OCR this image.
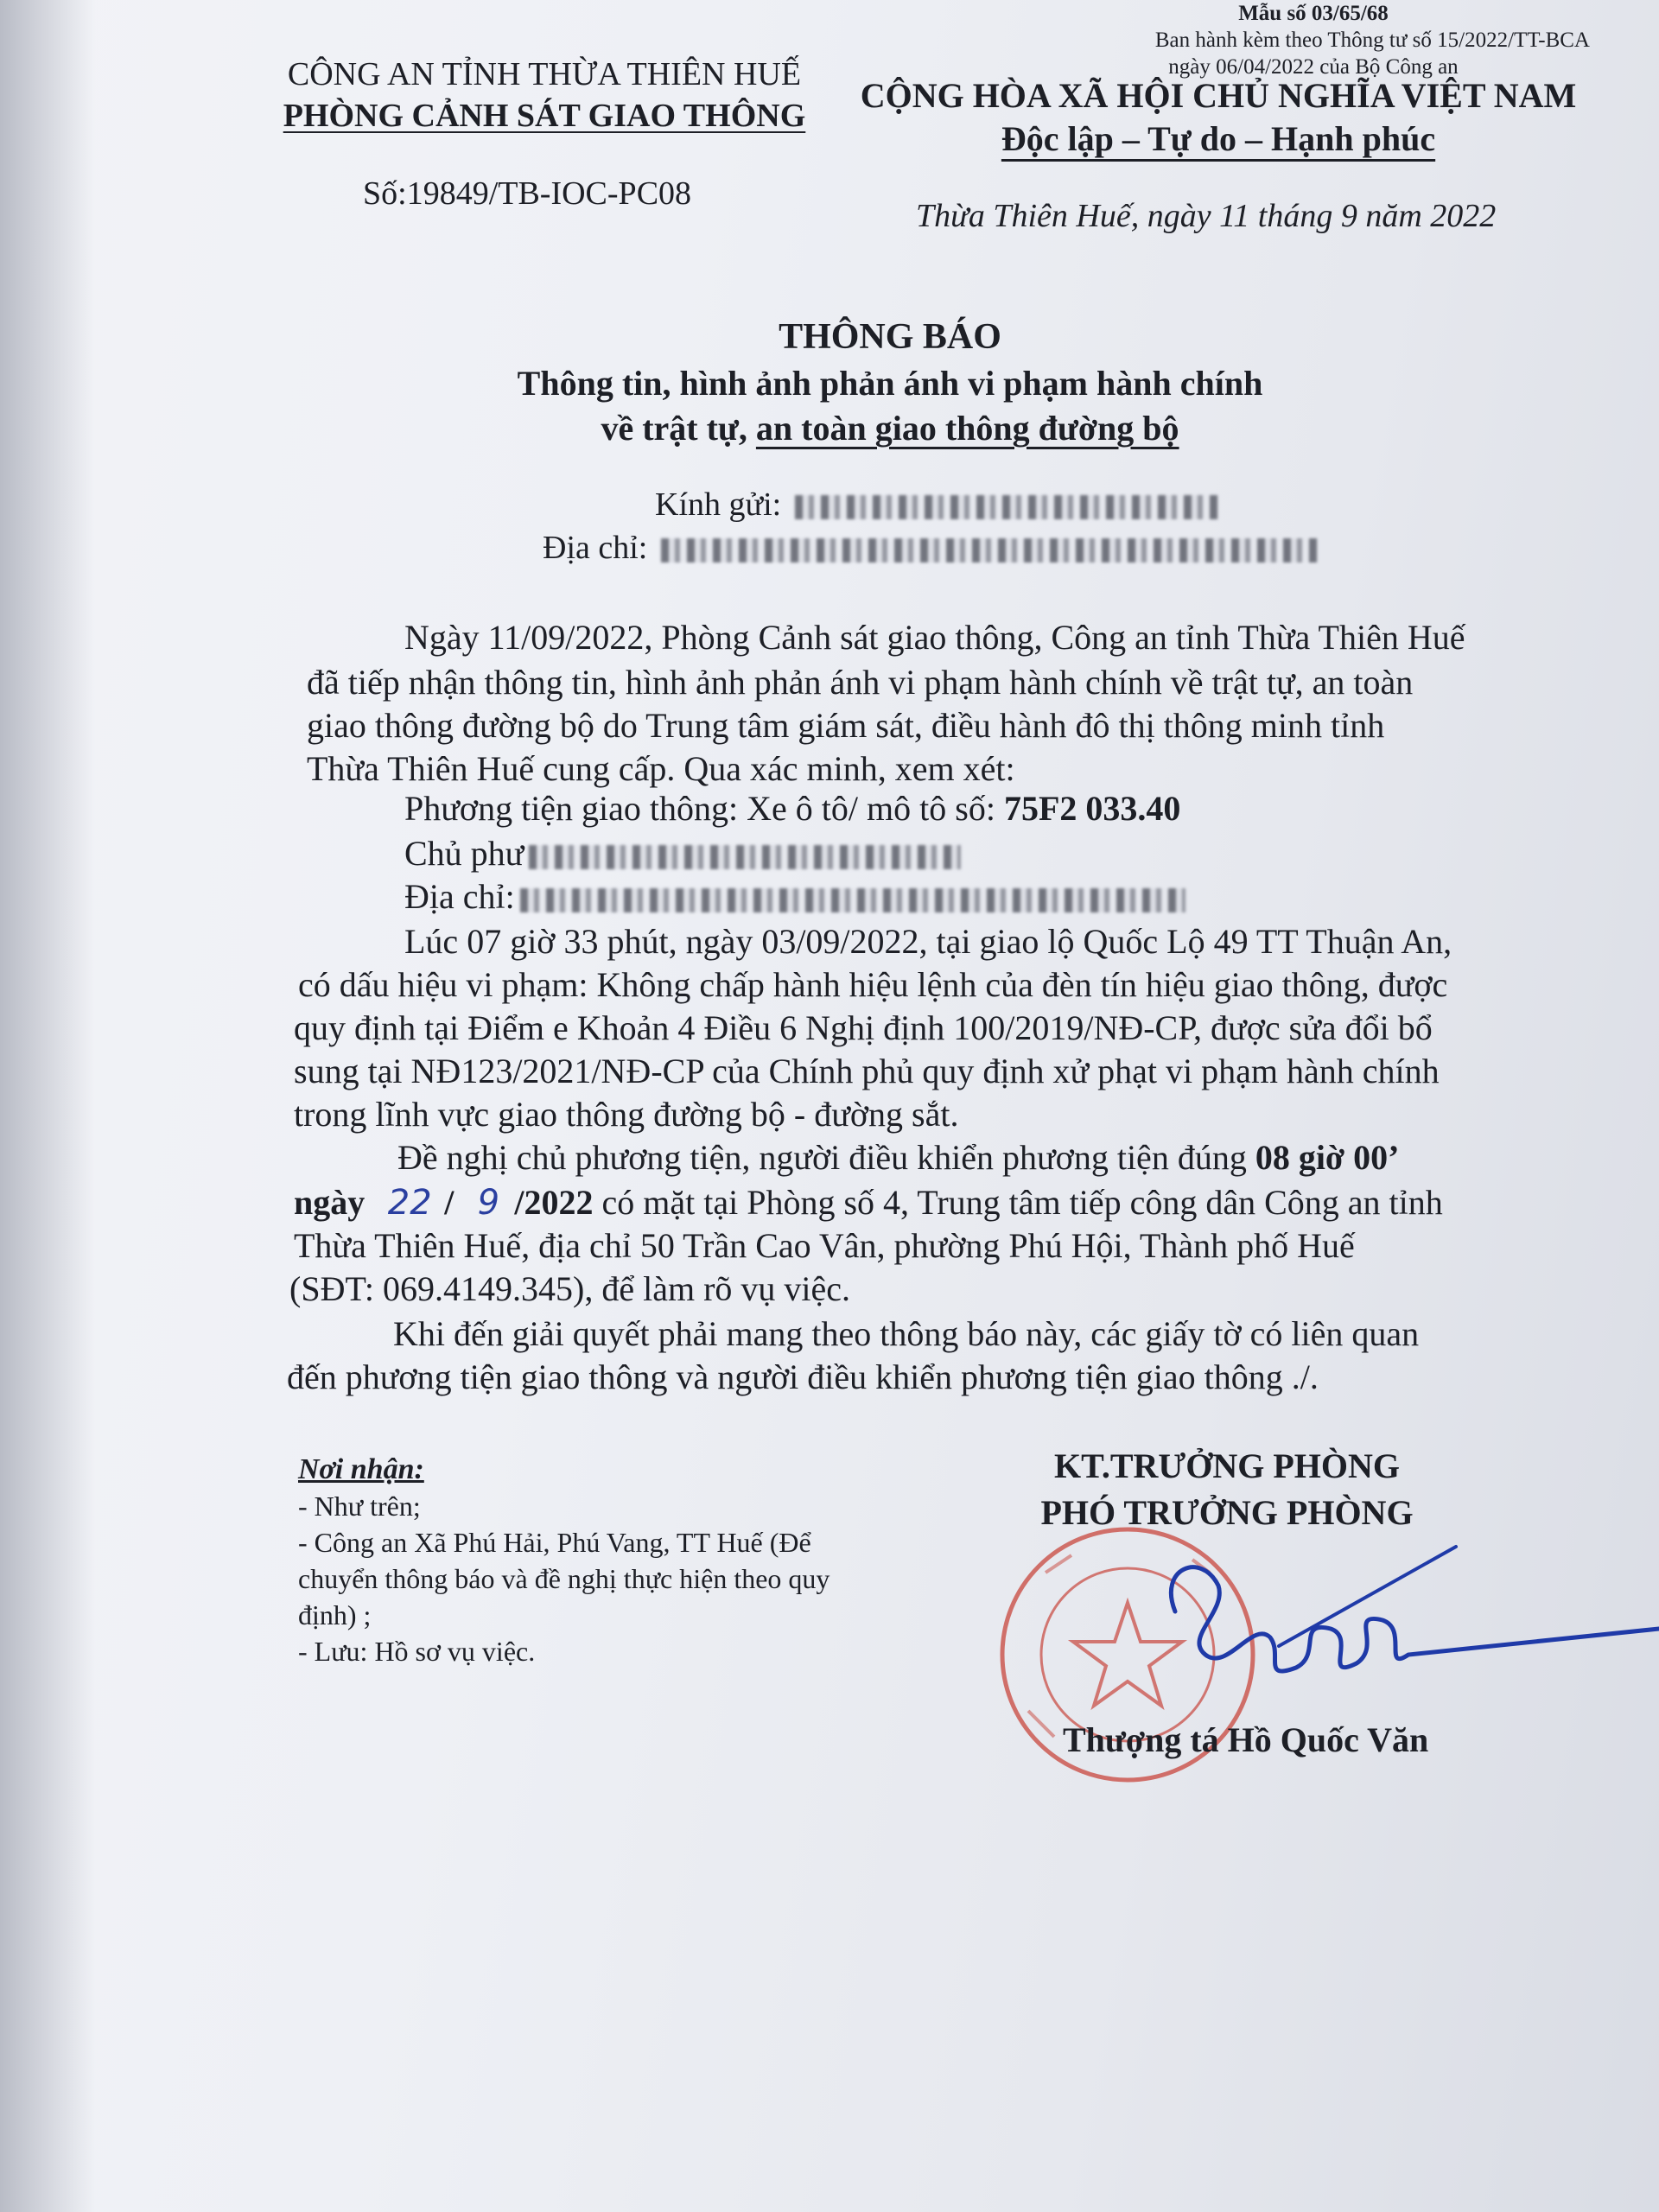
Mẫu số 03/65/68
Ban hành kèm theo Thông tư số 15/2022/TT-BCA
ngày 06/04/2022 của Bộ Công an
CÔNG AN TỈNH THỪA THIÊN HUẾ
PHÒNG CẢNH SÁT GIAO THÔNG
CỘNG HÒA XÃ HỘI CHỦ NGHĨA VIỆT NAM
Độc lập – Tự do – Hạnh phúc
Số:19849/TB-IOC-PC08
Thừa Thiên Huế, ngày 11 tháng 9 năm 2022
THÔNG BÁO
Thông tin, hình ảnh phản ánh vi phạm hành chính
về trật tự, an toàn giao thông đường bộ
Kính gửi:
Địa chỉ:
Ngày 11/09/2022, Phòng Cảnh sát giao thông, Công an tỉnh Thừa Thiên Huế
đã tiếp nhận thông tin, hình ảnh phản ánh vi phạm hành chính về trật tự, an toàn
giao thông đường bộ do Trung tâm giám sát, điều hành đô thị thông minh tỉnh
Thừa Thiên Huế cung cấp. Qua xác minh, xem xét:
Phương tiện giao thông: Xe ô tô/ mô tô số: 75F2 033.40
Chủ phư
Địa chỉ:
Lúc 07 giờ 33 phút, ngày 03/09/2022, tại giao lộ Quốc Lộ 49 TT Thuận An,
có dấu hiệu vi phạm: Không chấp hành hiệu lệnh của đèn tín hiệu giao thông, được
quy định tại Điểm e Khoản 4 Điều 6 Nghị định 100/2019/NĐ-CP, được sửa đổi bổ
sung tại NĐ123/2021/NĐ-CP của Chính phủ quy định xử phạt vi phạm hành chính
trong lĩnh vực giao thông đường bộ - đường sắt.
Đề nghị chủ phương tiện, người điều khiển phương tiện đúng 08 giờ 00’
ngày 22 / 9 /2022 có mặt tại Phòng số 4, Trung tâm tiếp công dân Công an tỉnh
Thừa Thiên Huế, địa chỉ 50 Trần Cao Vân, phường Phú Hội, Thành phố Huế
(SĐT: 069.4149.345), để làm rõ vụ việc.
Khi đến giải quyết phải mang theo thông báo này, các giấy tờ có liên quan
đến phương tiện giao thông và người điều khiển phương tiện giao thông ./.
Nơi nhận:
- Như trên;
- Công an Xã Phú Hải, Phú Vang, TT Huế (Để
chuyển thông báo và đề nghị thực hiện theo quy
định) ;
- Lưu: Hồ sơ vụ việc.
KT.TRƯỞNG PHÒNG
PHÓ TRƯỞNG PHÒNG
Thượng tá Hồ Quốc Văn
